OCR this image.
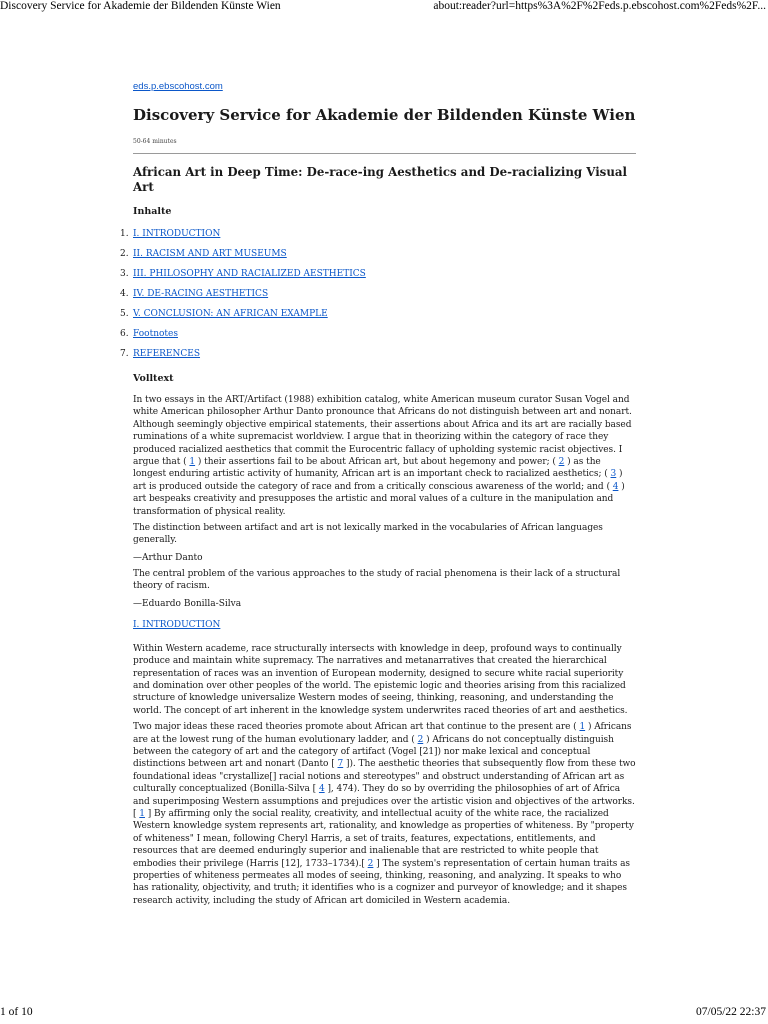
Discovery Service for Akademie der Bildenden Künste Wien	about:reader?url=https%3A%2F%2Feds.p.ebscohost.com%2Feds%2F...
eds.p.ebscohost.com
Discovery Service for Akademie der Bildenden Künste Wien
50-64 minutes
African Art in Deep Time: De-race-ing Aesthetics and De-racializing Visual Art
Inhalte
1. I. INTRODUCTION
2. II. RACISM AND ART MUSEUMS
3. III. PHILOSOPHY AND RACIALIZED AESTHETICS
4. IV. DE-RACING AESTHETICS
5. V. CONCLUSION: AN AFRICAN EXAMPLE
6. Footnotes
7. REFERENCES
Volltext

In two essays in the ART/Artifact (1988) exhibition catalog, white American museum curator Susan Vogel and white American philosopher Arthur Danto pronounce that Africans do not distinguish between art and nonart. Although seemingly objective empirical statements, their assertions about Africa and its art are racially based ruminations of a white supremacist worldview. I argue that in theorizing within the category of race they produced racialized aesthetics that commit the Eurocentric fallacy of upholding systemic racist objectives. I argue that ( 1 ) their assertions fail to be about African art, but about hegemony and power; ( 2 ) as the longest enduring artistic activity of humanity, African art is an important check to racialized aesthetics; ( 3 ) art is produced outside the category of race and from a critically conscious awareness of the world; and ( 4 ) art bespeaks creativity and presupposes the artistic and moral values of a culture in the manipulation and transformation of physical reality.

The distinction between artifact and art is not lexically marked in the vocabularies of African languages generally.

—Arthur Danto

The central problem of the various approaches to the study of racial phenomena is their lack of a structural theory of racism.

—Eduardo Bonilla-Silva
I. INTRODUCTION

Within Western academe, race structurally intersects with knowledge in deep, profound ways to continually produce and maintain white supremacy. The narratives and metanarratives that created the hierarchical representation of races was an invention of European modernity, designed to secure white racial superiority and domination over other peoples of the world. The epistemic logic and theories arising from this racialized structure of knowledge universalize Western modes of seeing, thinking, reasoning, and understanding the world. The concept of art inherent in the knowledge system underwrites raced theories of art and aesthetics.

Two major ideas these raced theories promote about African art that continue to the present are ( 1 ) Africans are at the lowest rung of the human evolutionary ladder, and ( 2 ) Africans do not conceptually distinguish between the category of art and the category of artifact (Vogel [21]) nor make lexical and conceptual distinctions between art and nonart (Danto [ 7 ]). The aesthetic theories that subsequently flow from these two foundational ideas "crystallize[] racial notions and stereotypes" and obstruct understanding of African art as culturally conceptualized (Bonilla-Silva [ 4 ], 474). They do so by overriding the philosophies of art of Africa and superimposing Western assumptions and prejudices over the artistic vision and objectives of the artworks.[ 1 ] By affirming only the social reality, creativity, and intellectual acuity of the white race, the racialized Western knowledge system represents art, rationality, and knowledge as properties of whiteness. By "property of whiteness" I mean, following Cheryl Harris, a set of traits, features, expectations, entitlements, and resources that are deemed enduringly superior and inalienable that are restricted to white people that embodies their privilege (Harris [12], 1733–1734).[ 2 ] The system's representation of certain human traits as properties of whiteness permeates all modes of seeing, thinking, reasoning, and analyzing. It speaks to who has rationality, objectivity, and truth; it identifies who is a cognizer and purveyor of knowledge; and it shapes research activity, including the study of African art domiciled in Western academia.

1 of 10	07/05/22 22:37
